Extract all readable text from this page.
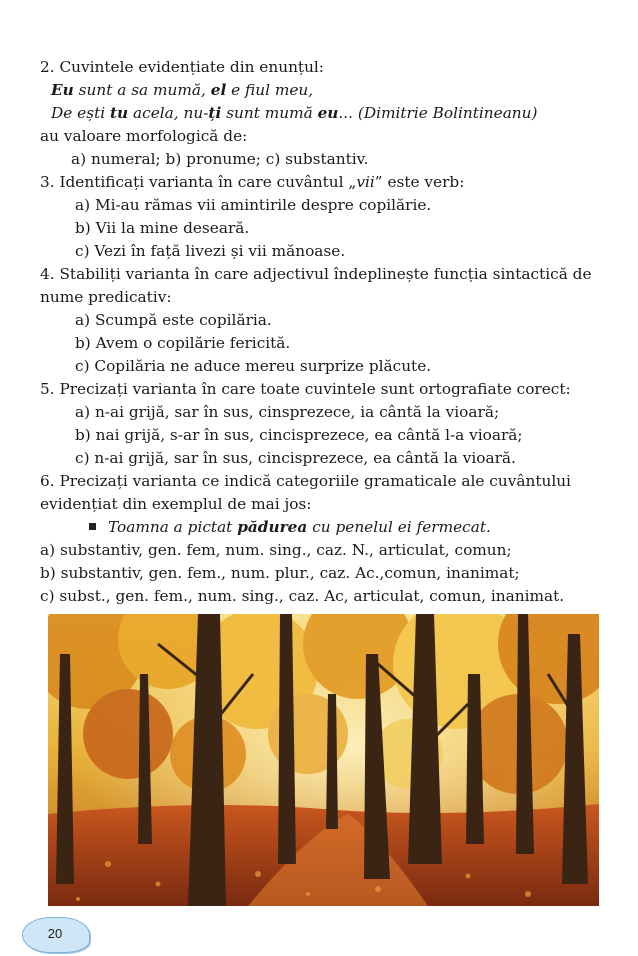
2. Cuvintele evidențiate din enunțul:
Eu sunt a sa mumă, el e fiul meu,
De ești tu acela, nu-ți sunt mumă eu... (Dimitrie Bolintineanu)
au valoare morfologică de:
a) numeral; b) pronume; c) substantiv.
3. Identificați varianta în care cuvântul „vii” este verb:
a) Mi-au rămas vii amintirile despre copilărie.
b) Vii la mine deseară.
c) Vezi în față livezi și vii mănoase.
4. Stabiliți varianta în care adjectivul îndeplinește funcția sintactică de nume predicativ:
a) Scumpă este copilăria.
b) Avem o copilărie fericită.
c) Copilăria ne aduce mereu surprize plăcute.
5. Precizați varianta în care toate cuvintele sunt ortografiate corect:
a) n-ai grijă, sar în sus, cinsprezece, ia cântă la vioară;
b) nai grijă, s-ar în sus, cincisprezece, ea cântă l-a vioară;
c) n-ai grijă, sar în sus, cincisprezece, ea cântă la vioară.
6. Precizați varianta ce indică categoriile gramaticale ale cuvântului evidențiat din exemplul de mai jos:
Toamna a pictat pădurea cu penelul ei fermecat.
a) substantiv, gen. fem, num. sing., caz. N., articulat, comun;
b) substantiv, gen. fem., num. plur., caz. Ac.,comun, inanimat;
c) subst., gen. fem., num. sing., caz. Ac, articulat, comun, inanimat.
20
